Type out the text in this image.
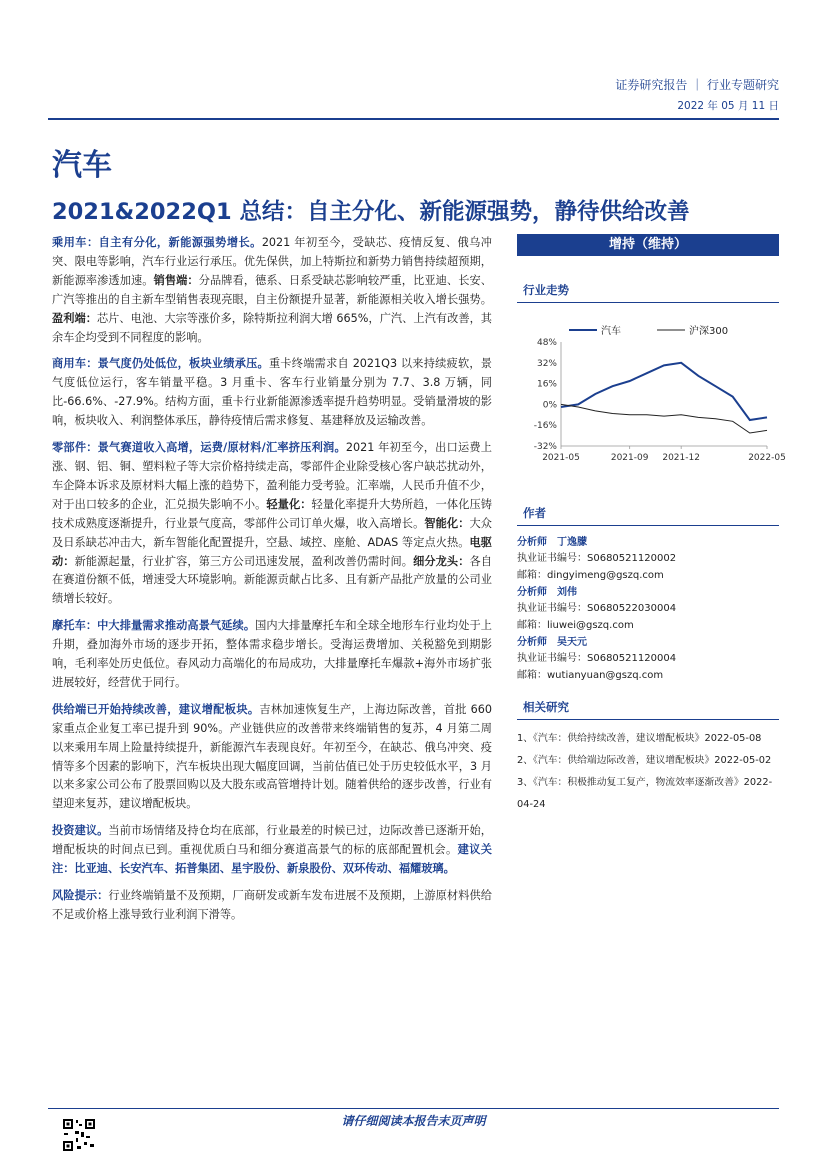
证券研究报告 ｜ 行业专题研究
2022 年 05 月 11 日
汽车
2021&2022Q1 总结：自主分化、新能源强势，静待供给改善

乘用车：自主有分化，新能源强势增长。2021 年初至今，受缺芯、疫情反复、俄乌冲突、限电等影响，汽车行业运行承压。优先保供，加上特斯拉和新势力销售持续超预期，新能源率渗透加速。销售端：分品牌看，德系、日系受缺芯影响较严重，比亚迪、长安、广汽等推出的自主新车型销售表现亮眼，自主份额提升显著，新能源相关收入增长强势。盈利端：芯片、电池、大宗等涨价多，除特斯拉利润大增 665%，广汽、上汽有改善，其余车企均受到不同程度的影响。

商用车：景气度仍处低位，板块业绩承压。重卡终端需求自 2021Q3 以来持续疲软，景气度低位运行，客车销量平稳。3 月重卡、客车行业销量分别为 7.7、3.8 万辆，同比-66.6%、-27.9%。结构方面，重卡行业新能源渗透率提升趋势明显。受销量滑坡的影响，板块收入、利润整体承压，静待疫情后需求修复、基建释放及运输改善。

零部件：景气赛道收入高增，运费/原材料/汇率挤压利润。2021 年初至今，出口运费上涨、钢、铝、铜、塑料粒子等大宗价格持续走高，零部件企业除受核心客户缺芯扰动外，车企降本诉求及原材料大幅上涨的趋势下，盈利能力受考验。汇率端，人民币升值不少，对于出口较多的企业，汇兑损失影响不小。轻量化：轻量化率提升大势所趋，一体化压铸技术成熟度逐渐提升，行业景气度高，零部件公司订单火爆，收入高增长。智能化：大众及日系缺芯冲击大，新车智能化配置提升，空悬、域控、座舱、ADAS 等定点火热。电驱动：新能源起量，行业扩容，第三方公司迅速发展，盈利改善仍需时间。细分龙头：各自在赛道份额不低，增速受大环境影响。新能源贡献占比多、且有新产品批产放量的公司业绩增长较好。

摩托车：中大排量需求推动高景气延续。国内大排量摩托车和全球全地形车行业均处于上升期，叠加海外市场的逐步开拓，整体需求稳步增长。受海运费增加、关税豁免到期影响，毛利率处历史低位。春风动力高端化的布局成功，大排量摩托车爆款+海外市场扩张进展较好，经营优于同行。

供给端已开始持续改善，建议增配板块。吉林加速恢复生产，上海边际改善，首批 660 家重点企业复工率已提升到 90%。产业链供应的改善带来终端销售的复苏，4 月第二周以来乘用车周上险量持续提升，新能源汽车表现良好。年初至今，在缺芯、俄乌冲突、疫情等多个因素的影响下，汽车板块出现大幅度回调，当前估值已处于历史较低水平，3 月以来多家公司公布了股票回购以及大股东或高管增持计划。随着供给的逐步改善，行业有望迎来复苏，建议增配板块。

投资建议。当前市场情绪及持仓均在底部，行业最差的时候已过，边际改善已逐渐开始，增配板块的时间点已到。重视优质白马和细分赛道高景气的标的底部配置机会。建议关注：比亚迪、长安汽车、拓普集团、星宇股份、新泉股份、双环传动、福耀玻璃。

风险提示：行业终端销量不及预期，厂商研发或新车发布进展不及预期，上游原材料供给不足或价格上涨导致行业利润下滑等。

增持（维持）
行业走势
48%
32%
16%
0%
-16%
-32%
2021-05	2021-09 2021-12	2022-05
汽车	沪深300
作者
分析师 丁逸朦
执业证书编号：S0680521120002
邮箱：dingyimeng@gszq.com
分析师 刘伟
执业证书编号：S0680522030004
邮箱：liuwei@gszq.com
分析师 吴天元
执业证书编号：S0680521120004
邮箱：wutianyuan@gszq.com
相关研究
1、《汽车：供给持续改善，建议增配板块》2022-05-08
2、《汽车：供给端边际改善，建议增配板块》2022-05-02
3、《汽车：积极推动复工复产，物流效率逐渐改善》2022-04-24
请仔细阅读本报告末页声明
